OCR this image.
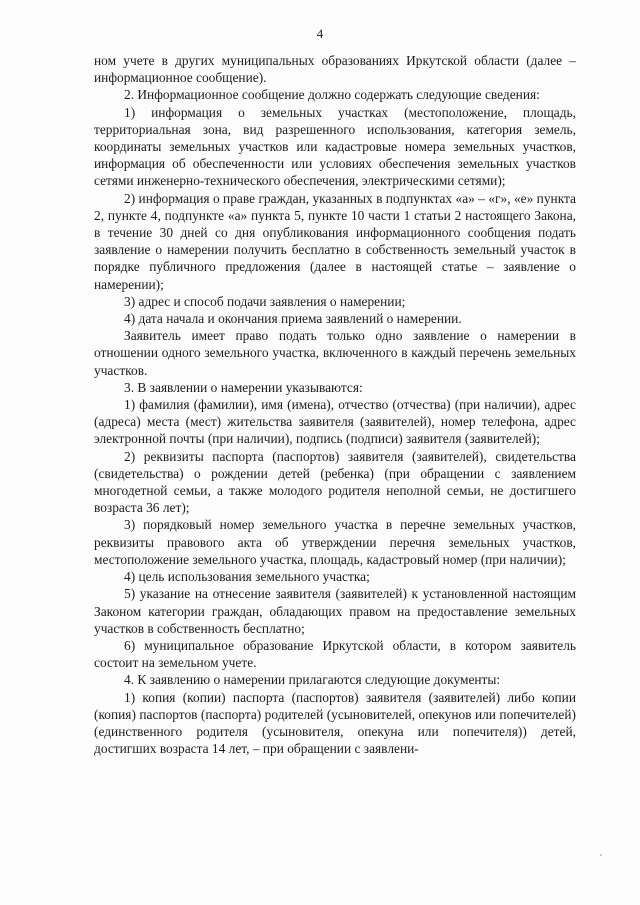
4

ном учете в других муниципальных образованиях Иркутской области (далее – информационное сообщение).

2. Информационное сообщение должно содержать следующие сведения:

1) информация о земельных участках (местоположение, площадь, территориальная зона, вид разрешенного использования, категория земель, координаты земельных участков или кадастровые номера земельных участков, информация об обеспеченности или условиях обеспечения земельных участков сетями инженерно-технического обеспечения, электрическими сетями);

2) информация о праве граждан, указанных в подпунктах «а» – «г», «е» пункта 2, пункте 4, подпункте «а» пункта 5, пункте 10 части 1 статьи 2 настоящего Закона, в течение 30 дней со дня опубликования информационного сообщения подать заявление о намерении получить бесплатно в собственность земельный участок в порядке публичного предложения (далее в настоящей статье – заявление о намерении);

3) адрес и способ подачи заявления о намерении;

4) дата начала и окончания приема заявлений о намерении.

Заявитель имеет право подать только одно заявление о намерении в отношении одного земельного участка, включенного в каждый перечень земельных участков.

3. В заявлении о намерении указываются:

1) фамилия (фамилии), имя (имена), отчество (отчества) (при наличии), адрес (адреса) места (мест) жительства заявителя (заявителей), номер телефона, адрес электронной почты (при наличии), подпись (подписи) заявителя (заявителей);

2) реквизиты паспорта (паспортов) заявителя (заявителей), свидетельства (свидетельства) о рождении детей (ребенка) (при обращении с заявлением многодетной семьи, а также молодого родителя неполной семьи, не достигшего возраста 36 лет);

3) порядковый номер земельного участка в перечне земельных участков, реквизиты правового акта об утверждении перечня земельных участков, местоположение земельного участка, площадь, кадастровый номер (при наличии);

4) цель использования земельного участка;

5) указание на отнесение заявителя (заявителей) к установленной настоящим Законом категории граждан, обладающих правом на предоставление земельных участков в собственность бесплатно;

6) муниципальное образование Иркутской области, в котором заявитель состоит на земельном учете.

4. К заявлению о намерении прилагаются следующие документы:

1) копия (копии) паспорта (паспортов) заявителя (заявителей) либо копии (копия) паспортов (паспорта) родителей (усыновителей, опекунов или попечителей) (единственного родителя (усыновителя, опекуна или попечителя)) детей, достигших возраста 14 лет, – при обращении с заявлени-
